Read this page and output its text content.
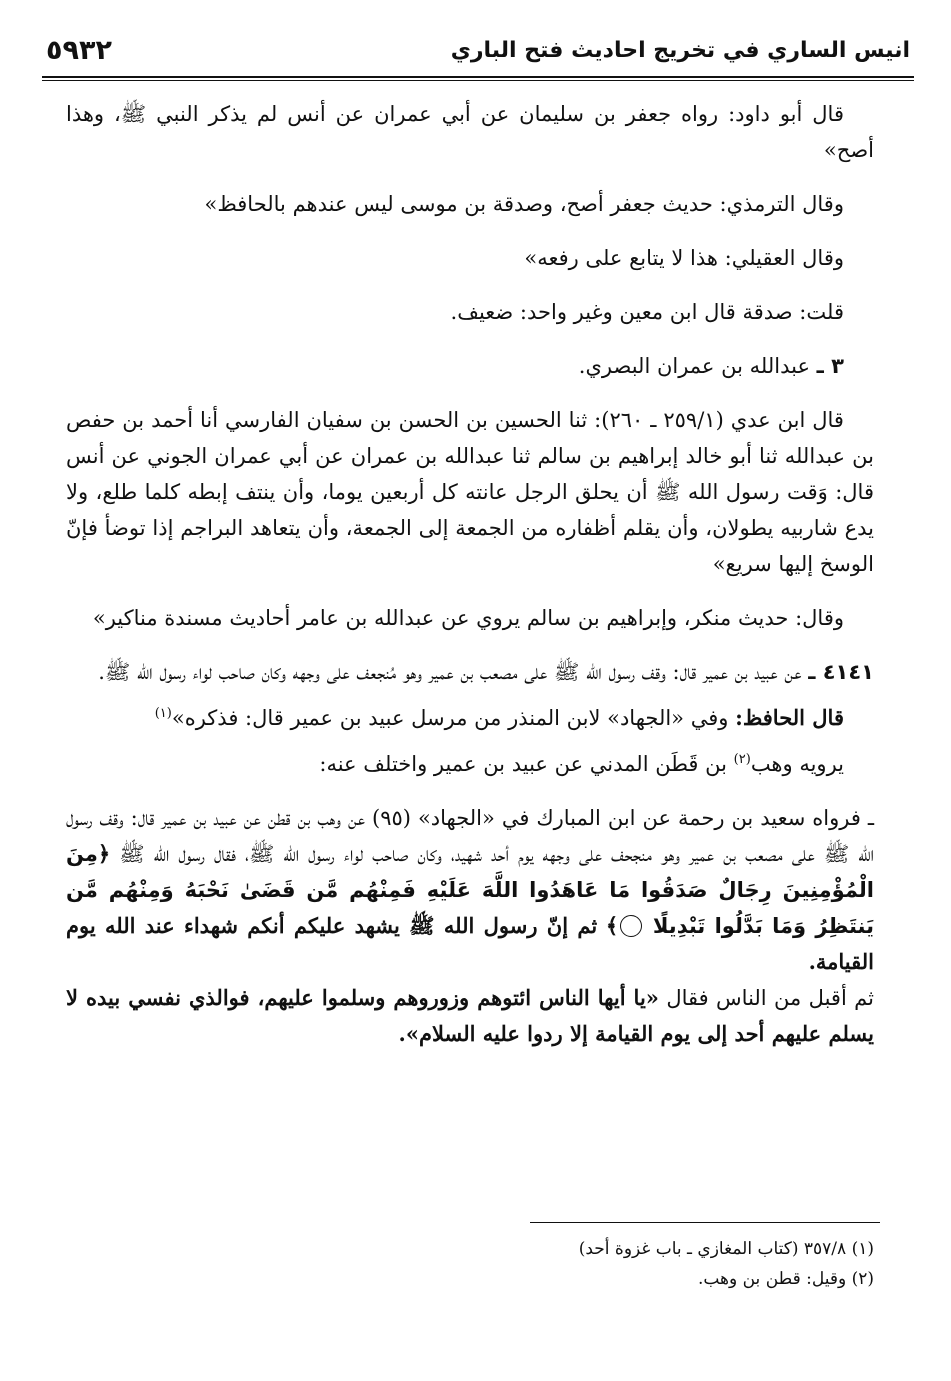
انيس الساري في تخريج احاديث فتح الباري
٥٩٣٢

قال أبو داود: رواه جعفر بن سليمان عن أبي عمران عن أنس لم يذكر النبي ﷺ، وهذا أصح»

وقال الترمذي: حديث جعفر أصح، وصدقة بن موسى ليس عندهم بالحافظ»

وقال العقيلي: هذا لا يتابع على رفعه»

قلت: صدقة قال ابن معين وغير واحد: ضعيف.

٣ ـ عبدالله بن عمران البصري.

قال ابن عدي (٢٥٩/١ ـ ٢٦٠): ثنا الحسين بن الحسن بن سفيان الفارسي أنا أحمد بن حفص بن عبدالله ثنا أبو خالد إبراهيم بن سالم ثنا عبدالله بن عمران عن أبي عمران الجوني عن أنس قال: وَقت رسول الله ﷺ أن يحلق الرجل عانته كل أربعين يوما، وأن ينتف إبطه كلما طلع، ولا يدع شاربيه يطولان، وأن يقلم أظفاره من الجمعة إلى الجمعة، وأن يتعاهد البراجم إذا توضأ فإنّ الوسخ إليها سريع»

وقال: حديث منكر، وإبراهيم بن سالم يروي عن عبدالله بن عامر أحاديث مسندة مناكير»

٤١٤١ ـ عن عبيد بن عمير قال: وقف رسول الله ﷺ على مصعب بن عمير وهو مُنجعف على وجهه وكان صاحب لواء رسول الله ﷺ.

قال الحافظ: وفي «الجهاد» لابن المنذر من مرسل عبيد بن عمير قال: فذكره»$^{(١)}$

يرويه وهب$^{(٢)}$ بن قَطَن المدني عن عبيد بن عمير واختلف عنه:

ـ فرواه سعيد بن رحمة عن ابن المبارك في «الجهاد» (٩٥) عن وهب بن قطن عن عبيد بن عمير قال: وقف رسول الله ﷺ على مصعب بن عمير وهو منجحف على وجهه يوم أحد شهيد، وكان صاحب لواء رسول الله ﷺ، فقال رسول الله ﷺ ﴿مِنَ الْمُؤْمِنِينَ رِجَالٌ صَدَقُوا مَا عَاهَدُوا اللَّهَ عَلَيْهِ فَمِنْهُم مَّن قَضَىٰ نَحْبَهُ وَمِنْهُم مَّن يَنتَظِرُ وَمَا بَدَّلُوا تَبْدِيلًا ﴾ ثم إنّ رسول الله ﷺ يشهد عليكم أنكم شهداء عند الله يوم القيامة.

ثم أقبل من الناس فقال «يا أيها الناس ائتوهم وزوروهم وسلموا عليهم، فوالذي نفسي بيده لا يسلم عليهم أحد إلى يوم القيامة إلا ردوا عليه السلام».

(١) ٣٥٧/٨ (كتاب المغازي ـ باب غزوة أحد)
(٢) وقيل: قطن بن وهب.
